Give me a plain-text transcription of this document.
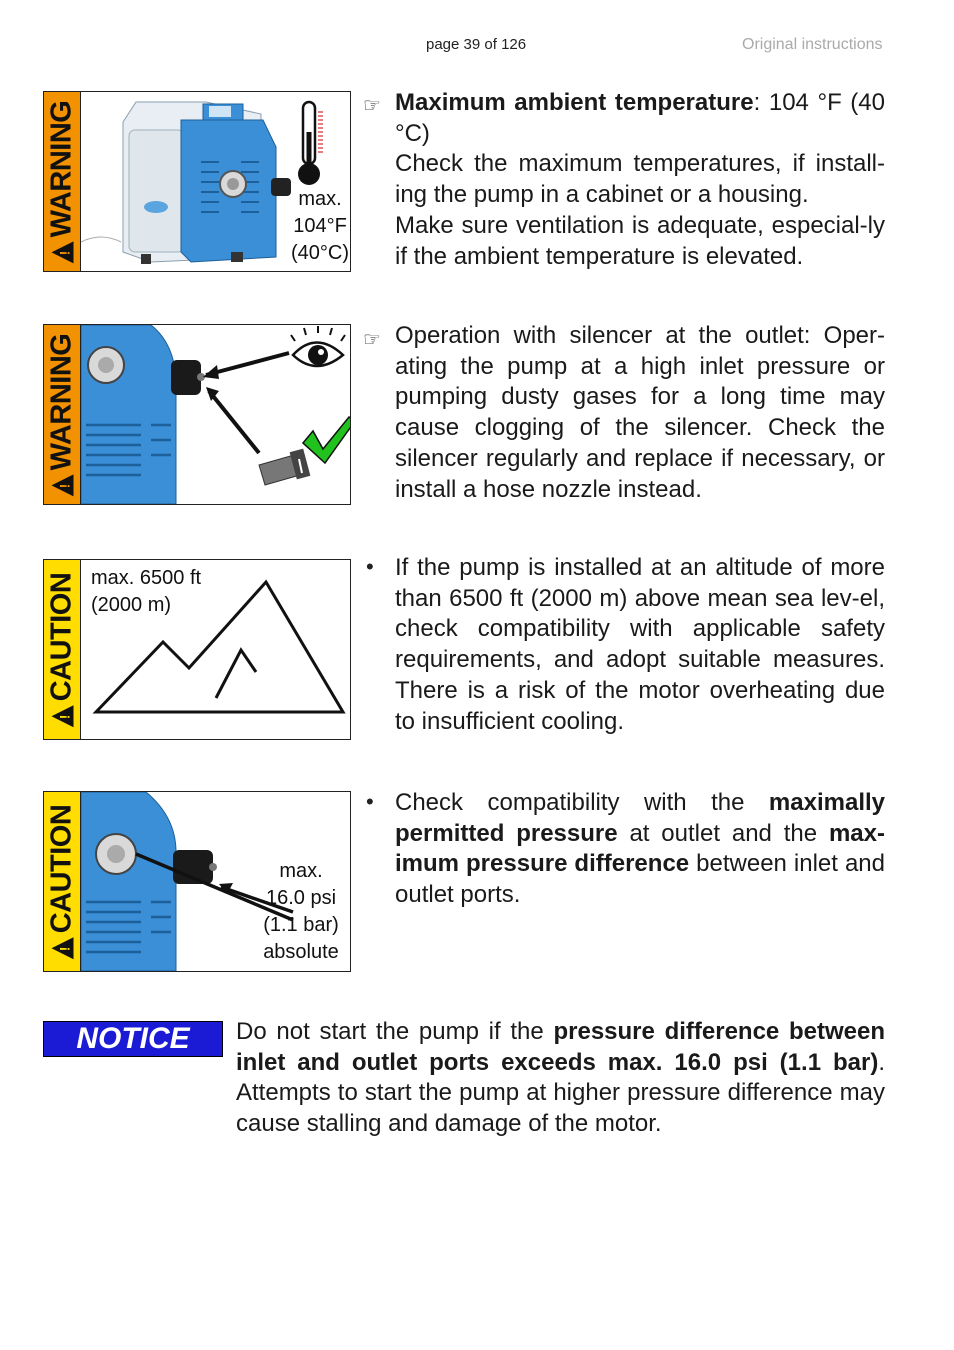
page 39 of 126	Original instructions
!
WARNING	max.
104°F
(40°C)
☞ Maximum ambient temperature: 104 °F (40 °C)
Check the maximum temperatures, if install-ing the pump in a cabinet or a housing.
Make sure ventilation is adequate, especial-ly if the ambient temperature is elevated.
!
WARNING	☞ Operation with silencer at the outlet: Oper-ating the pump at a high inlet pressure or pumping dusty gases for a long time may cause clogging of the silencer. Check the silencer regularly and replace if necessary, or install a hose nozzle instead.
!
CAUTION max. 6500 ft
(2000 m)
• If the pump is installed at an altitude of more than 6500 ft (2000 m) above mean sea lev-el, check compatibility with applicable safety requirements, and adopt suitable measures. There is a risk of the motor overheating due to insufficient cooling.
!
CAUTION	max.
16.0 psi
(1.1 bar)
absolute
• Check compatibility with the maximally permitted pressure at outlet and the max-imum pressure difference between inlet and outlet ports.
NOTICE	Do not start the pump if the pressure difference between inlet and outlet ports exceeds max. 16.0 psi (1.1 bar). Attempts to start the pump at higher pressure difference may cause stalling and damage of the motor.
